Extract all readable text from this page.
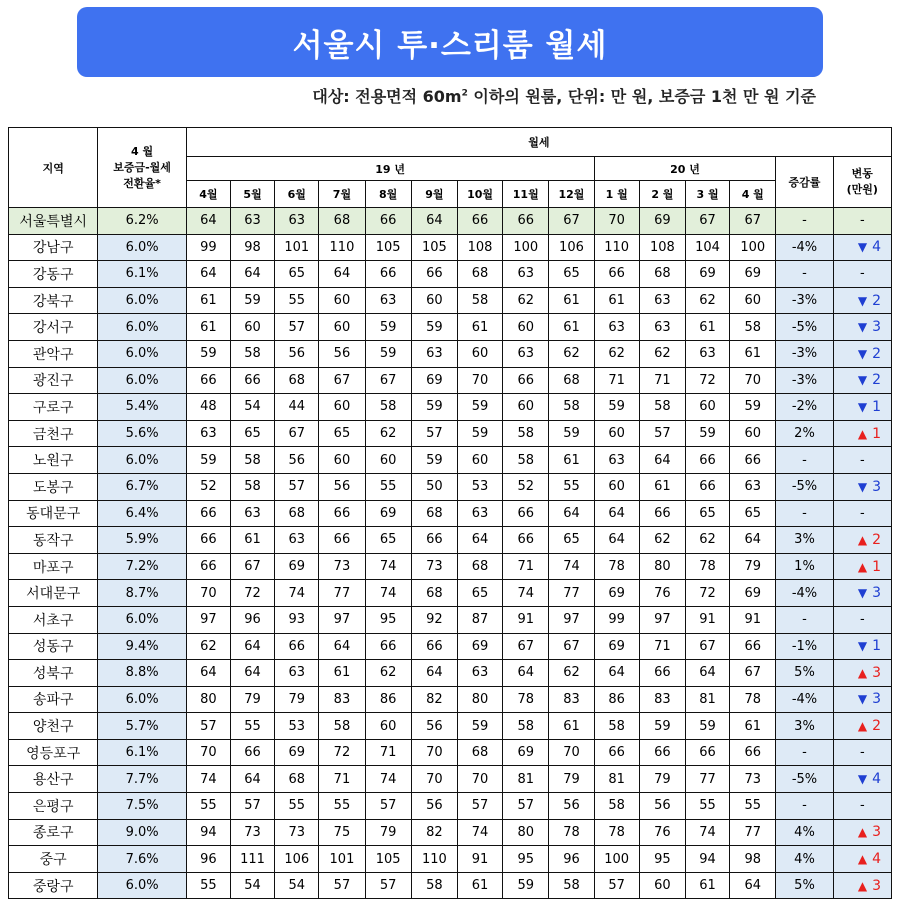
서울시 투·스리룸 월세
대상: 전용면적 $60m^2$ 이하의 원룸, 단위: 만 원, 보증금 1천 만 원 기준
지역	4 월
보증금-월세
전환율*	월세														
		19 년									20 년				증감률	변동
(만원)

		4월	5월	6월	7월	8월	9월	10월	11월	12월	1 월	2 월	3 월	4 월		
서울특별시	6.2%	64	63	63	68	66	64	66	66	67	70	69	67	67	-	-
강남구	6.0%	99	98	101	110	105	105	108	100	106	110	108	104	100	-4%	▼ 4
강동구	6.1%	64	64	65	64	66	66	68	63	65	66	68	69	69	-	-
강북구	6.0%	61	59	55	60	63	60	58	62	61	61	63	62	60	-3%	▼ 2
강서구	6.0%	61	60	57	60	59	59	61	60	61	63	63	61	58	-5%	▼ 3
관악구	6.0%	59	58	56	56	59	63	60	63	62	62	62	63	61	-3%	▼ 2
광진구	6.0%	66	66	68	67	67	69	70	66	68	71	71	72	70	-3%	▼ 2
구로구	5.4%	48	54	44	60	58	59	59	60	58	59	58	60	59	-2%	▼ 1
금천구	5.6%	63	65	67	65	62	57	59	58	59	60	57	59	60	2%	▲ 1
노원구	6.0%	59	58	56	60	60	59	60	58	61	63	64	66	66	-	-
도봉구	6.7%	52	58	57	56	55	50	53	52	55	60	61	66	63	-5%	▼ 3
동대문구	6.4%	66	63	68	66	69	68	63	66	64	64	66	65	65	-	-
동작구	5.9%	66	61	63	66	65	66	64	66	65	64	62	62	64	3%	▲ 2
마포구	7.2%	66	67	69	73	74	73	68	71	74	78	80	78	79	1%	▲ 1
서대문구	8.7%	70	72	74	77	74	68	65	74	77	69	76	72	69	-4%	▼ 3
서초구	6.0%	97	96	93	97	95	92	87	91	97	99	97	91	91	-	-
성동구	9.4%	62	64	66	64	66	66	69	67	67	69	71	67	66	-1%	▼ 1
성북구	8.8%	64	64	63	61	62	64	63	64	62	64	66	64	67	5%	▲ 3
송파구	6.0%	80	79	79	83	86	82	80	78	83	86	83	81	78	-4%	▼ 3
양천구	5.7%	57	55	53	58	60	56	59	58	61	58	59	59	61	3%	▲ 2
영등포구	6.1%	70	66	69	72	71	70	68	69	70	66	66	66	66	-	-
용산구	7.7%	74	64	68	71	74	70	70	81	79	81	79	77	73	-5%	▼ 4
은평구	7.5%	55	57	55	55	57	56	57	57	56	58	56	55	55	-	-
종로구	9.0%	94	73	73	75	79	82	74	80	78	78	76	74	77	4%	▲ 3
중구	7.6%	96	111	106	101	105	110	91	95	96	100	95	94	98	4%	▲ 4
중랑구	6.0%	55	54	54	57	57	58	61	59	58	57	60	61	64	5%	▲ 3
